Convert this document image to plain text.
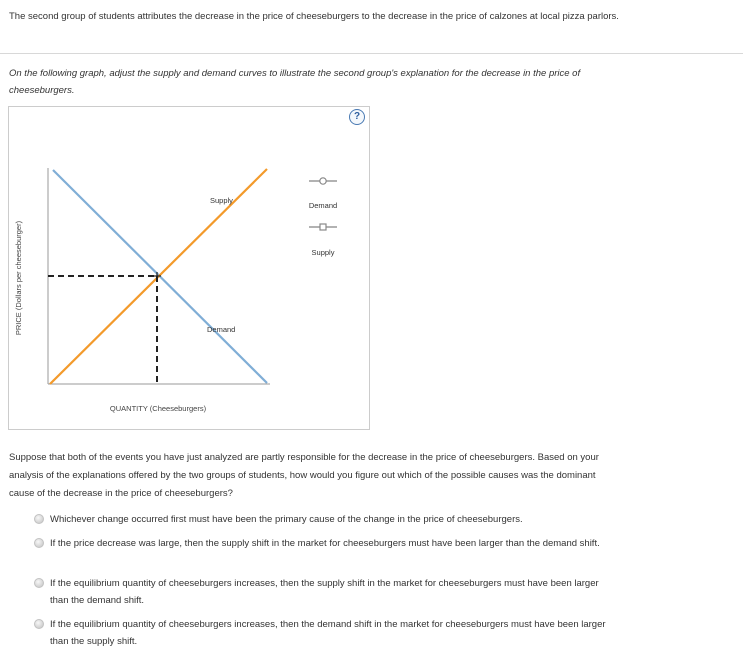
The second group of students attributes the decrease in the price of cheeseburgers to the decrease in the price of calzones at local pizza parlors.
On the following graph, adjust the supply and demand curves to illustrate the second group's explanation for the decrease in the price of cheeseburgers.
?
PRICE (Dollars per cheeseburger)
Supply
Demand
QUANTITY (Cheeseburgers)
Demand
Supply
Suppose that both of the events you have just analyzed are partly responsible for the decrease in the price of cheeseburgers. Based on your analysis of the explanations offered by the two groups of students, how would you figure out which of the possible causes was the dominant cause of the decrease in the price of cheeseburgers?
Whichever change occurred first must have been the primary cause of the change in the price of cheeseburgers.
If the price decrease was large, then the supply shift in the market for cheeseburgers must have been larger than the demand shift.
If the equilibrium quantity of cheeseburgers increases, then the supply shift in the market for cheeseburgers must have been larger than the demand shift.
If the equilibrium quantity of cheeseburgers increases, then the demand shift in the market for cheeseburgers must have been larger than the supply shift.
